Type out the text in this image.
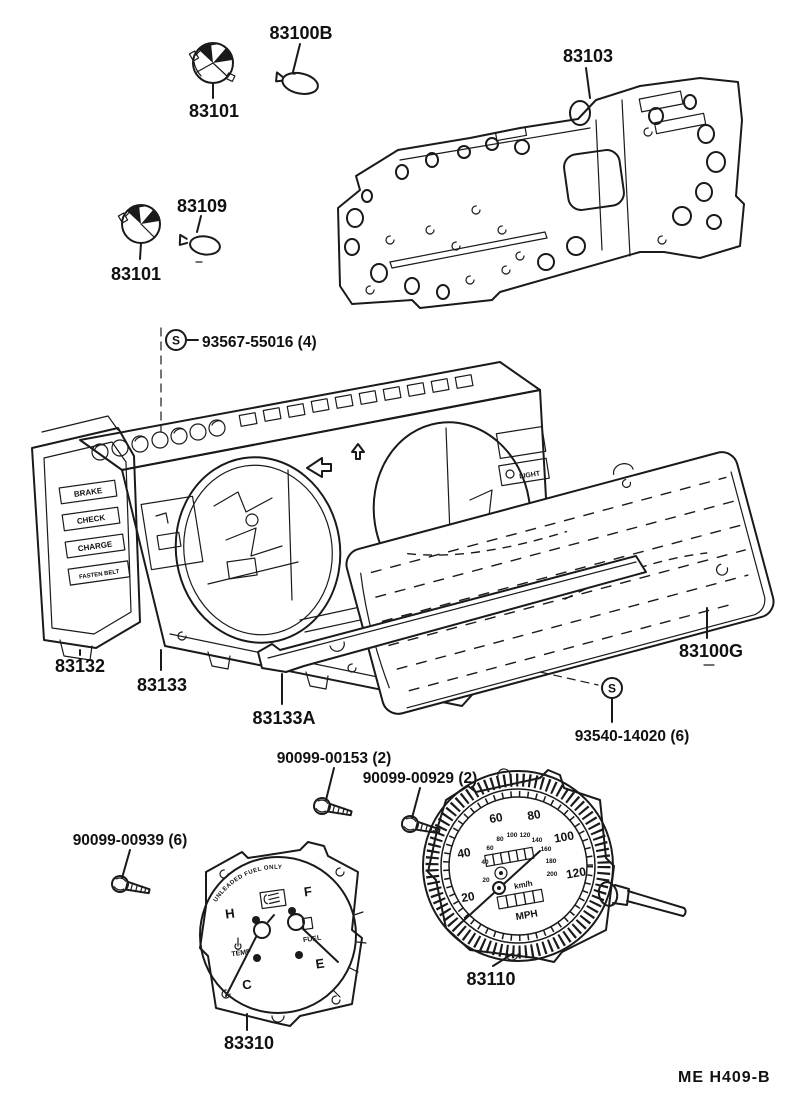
83101
83100B
83101
83109
83103
S 93567-55016 (4)
LIGHT
BRAKE
CHECK
CHARGE
FASTEN BELT
83132
83133
83100G
83133A
S
93540-14020 (6)
90099-00153 (2)
90099-00929 (2)
90099-00939 (6)
UNLEADED FUEL ONLY
H
F
C
E
TEMP
FUEL
83310
20
40
60 80
100
120
20
40
60
80
100 120
140
160
180
200
km/h
MPH
83110
ME H409-B
